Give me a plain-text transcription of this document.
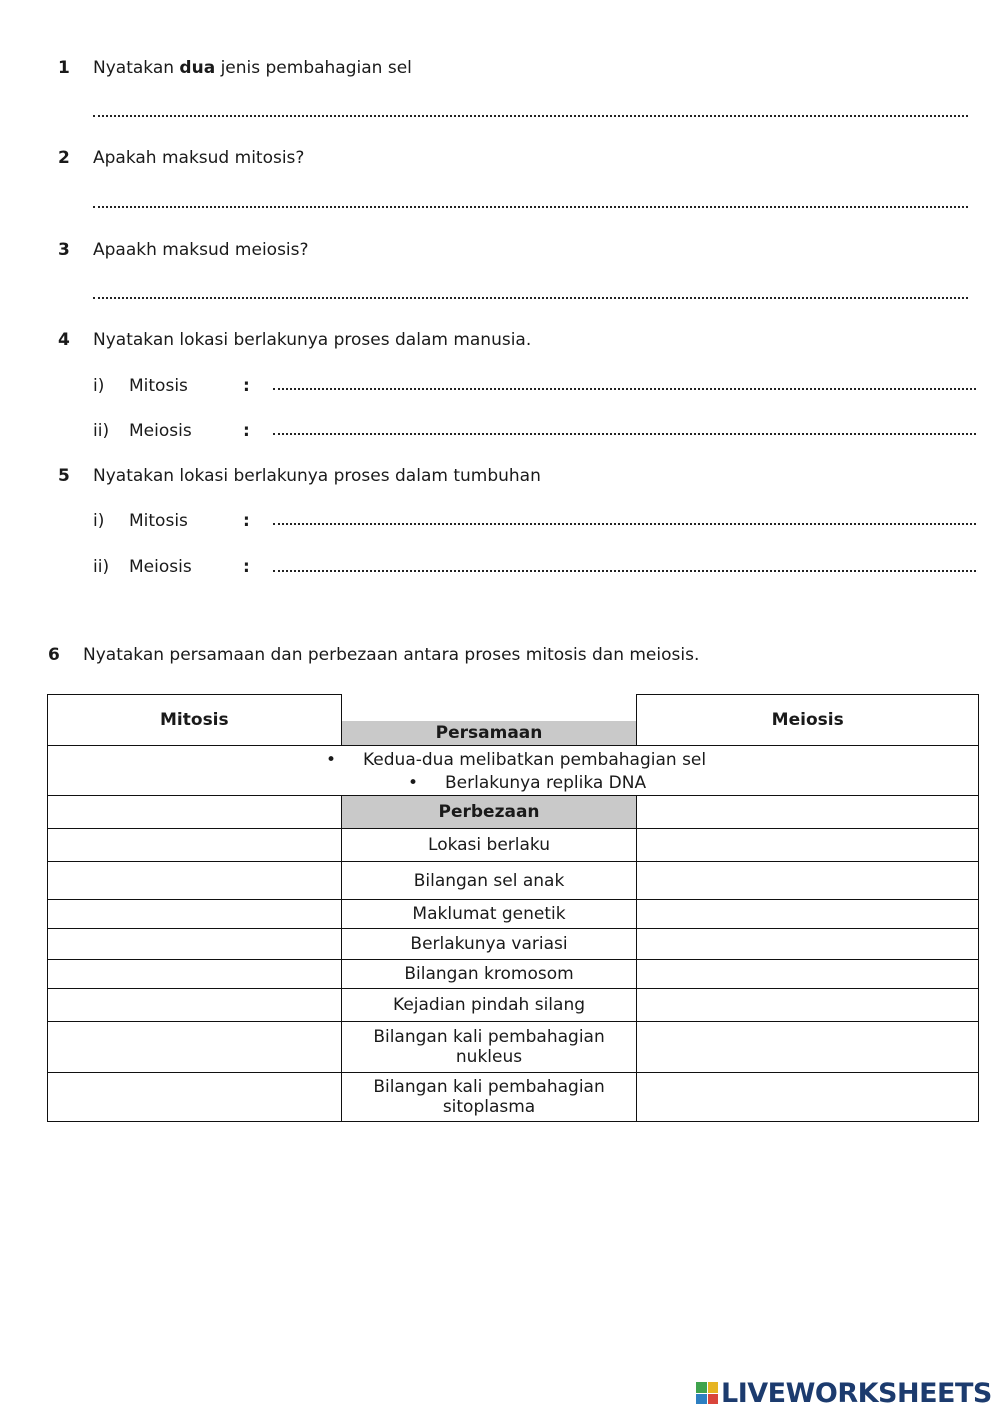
1 Nyatakan dua jenis pembahagian sel
2 Apakah maksud mitosis?
3 Apaakh maksud meiosis?
4 Nyatakan lokasi berlakunya proses dalam manusia.
i) Mitosis	:
ii) Meiosis	:
5 Nyatakan lokasi berlakunya proses dalam tumbuhan
i) Mitosis	:
ii) Meiosis	:
6 Nyatakan persamaan dan perbezaan antara proses mitosis dan meiosis.
Mitosis	Persamaan	Meiosis

• Kedua-dua melibatkan pembahagian sel
• Berlakunya replika DNA		

	Perbezaan	
	Lokasi berlaku	
	Bilangan sel anak	
	Maklumat genetik	
	Berlakunya variasi	
	Bilangan kromosom	
	Kejadian pindah silang	

	Bilangan kali pembahagian
nukleus	

	Bilangan kali pembahagian
sitoplasma	

LIVEWORKSHEETS
